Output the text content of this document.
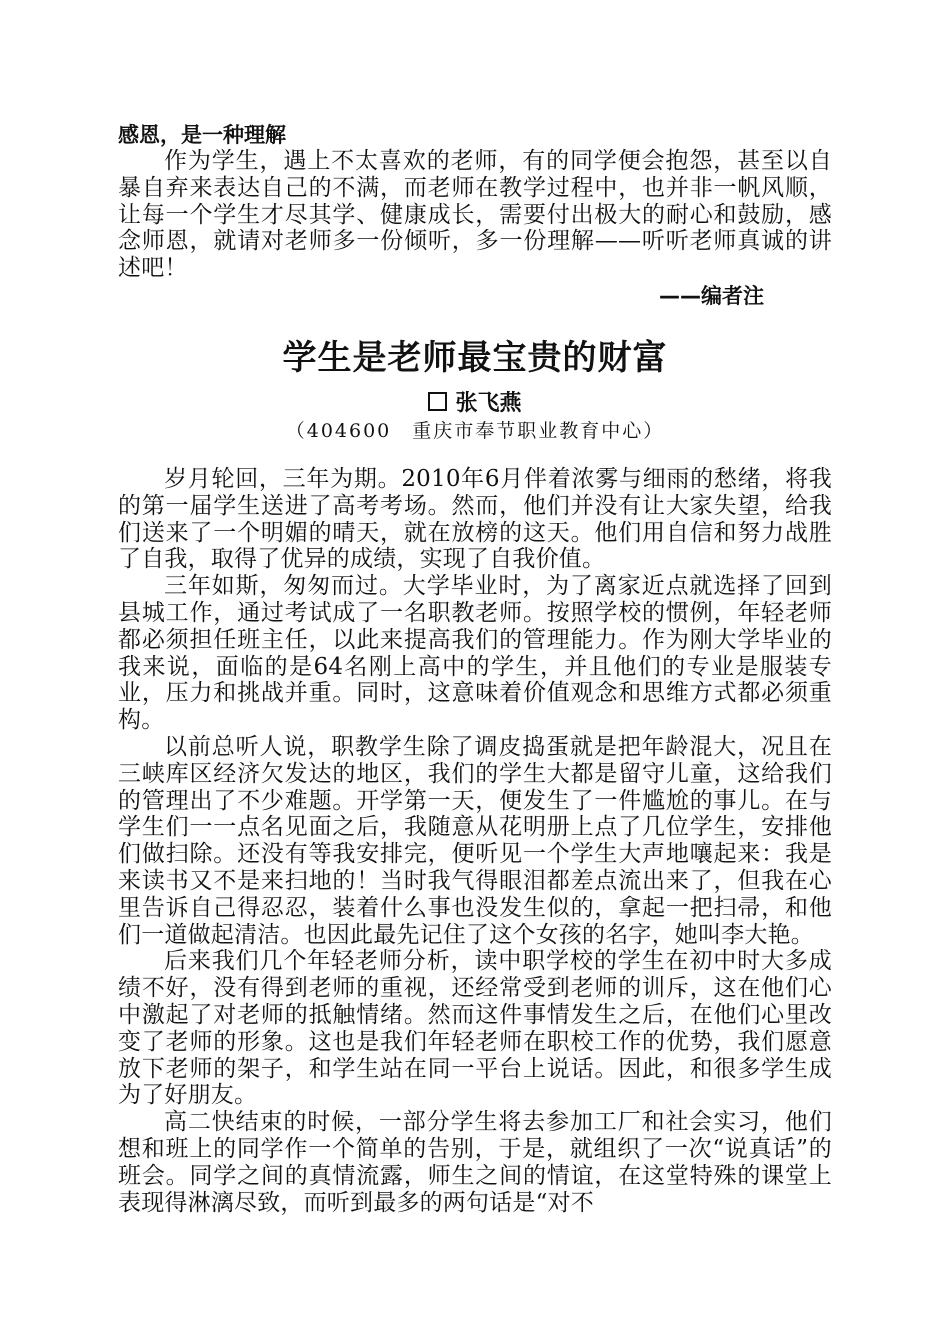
感恩，是一种理解

作为学生，遇上不太喜欢的老师，有的同学便会抱怨，甚至以自暴自弃来表达自己的不满，而老师在教学过程中，也并非一帆风顺，让每一个学生才尽其学、健康成长，需要付出极大的耐心和鼓励，感念师恩，就请对老师多一份倾听，多一份理解——听听老师真诚的讲述吧！

——编者注

学生是老师最宝贵的财富

张飞燕

（404600　重庆市奉节职业教育中心）

岁月轮回，三年为期。2010年6月伴着浓雾与细雨的愁绪，将我的第一届学生送进了高考考场。然而，他们并没有让大家失望，给我们送来了一个明媚的晴天，就在放榜的这天。他们用自信和努力战胜了自我，取得了优异的成绩，实现了自我价值。

三年如斯，匆匆而过。大学毕业时，为了离家近点就选择了回到县城工作，通过考试成了一名职教老师。按照学校的惯例，年轻老师都必须担任班主任，以此来提高我们的管理能力。作为刚大学毕业的我来说，面临的是64名刚上高中的学生，并且他们的专业是服装专业，压力和挑战并重。同时，这意味着价值观念和思维方式都必须重构。

以前总听人说，职教学生除了调皮捣蛋就是把年龄混大，况且在三峡库区经济欠发达的地区，我们的学生大都是留守儿童，这给我们的管理出了不少难题。开学第一天，便发生了一件尴尬的事儿。在与学生们一一点名见面之后，我随意从花明册上点了几位学生，安排他们做扫除。还没有等我安排完，便听见一个学生大声地嚷起来：我是来读书又不是来扫地的！当时我气得眼泪都差点流出来了，但我在心里告诉自己得忍忍，装着什么事也没发生似的，拿起一把扫帚，和他们一道做起清洁。也因此最先记住了这个女孩的名字，她叫李大艳。

后来我们几个年轻老师分析，读中职学校的学生在初中时大多成绩不好，没有得到老师的重视，还经常受到老师的训斥，这在他们心中激起了对老师的抵触情绪。然而这件事情发生之后，在他们心里改变了老师的形象。这也是我们年轻老师在职校工作的优势，我们愿意放下老师的架子，和学生站在同一平台上说话。因此，和很多学生成为了好朋友。

高二快结束的时候，一部分学生将去参加工厂和社会实习，他们想和班上的同学作一个简单的告别，于是，就组织了一次“说真话”的班会。同学之间的真情流露，师生之间的情谊，在这堂特殊的课堂上表现得淋漓尽致，而听到最多的两句话是“对不
